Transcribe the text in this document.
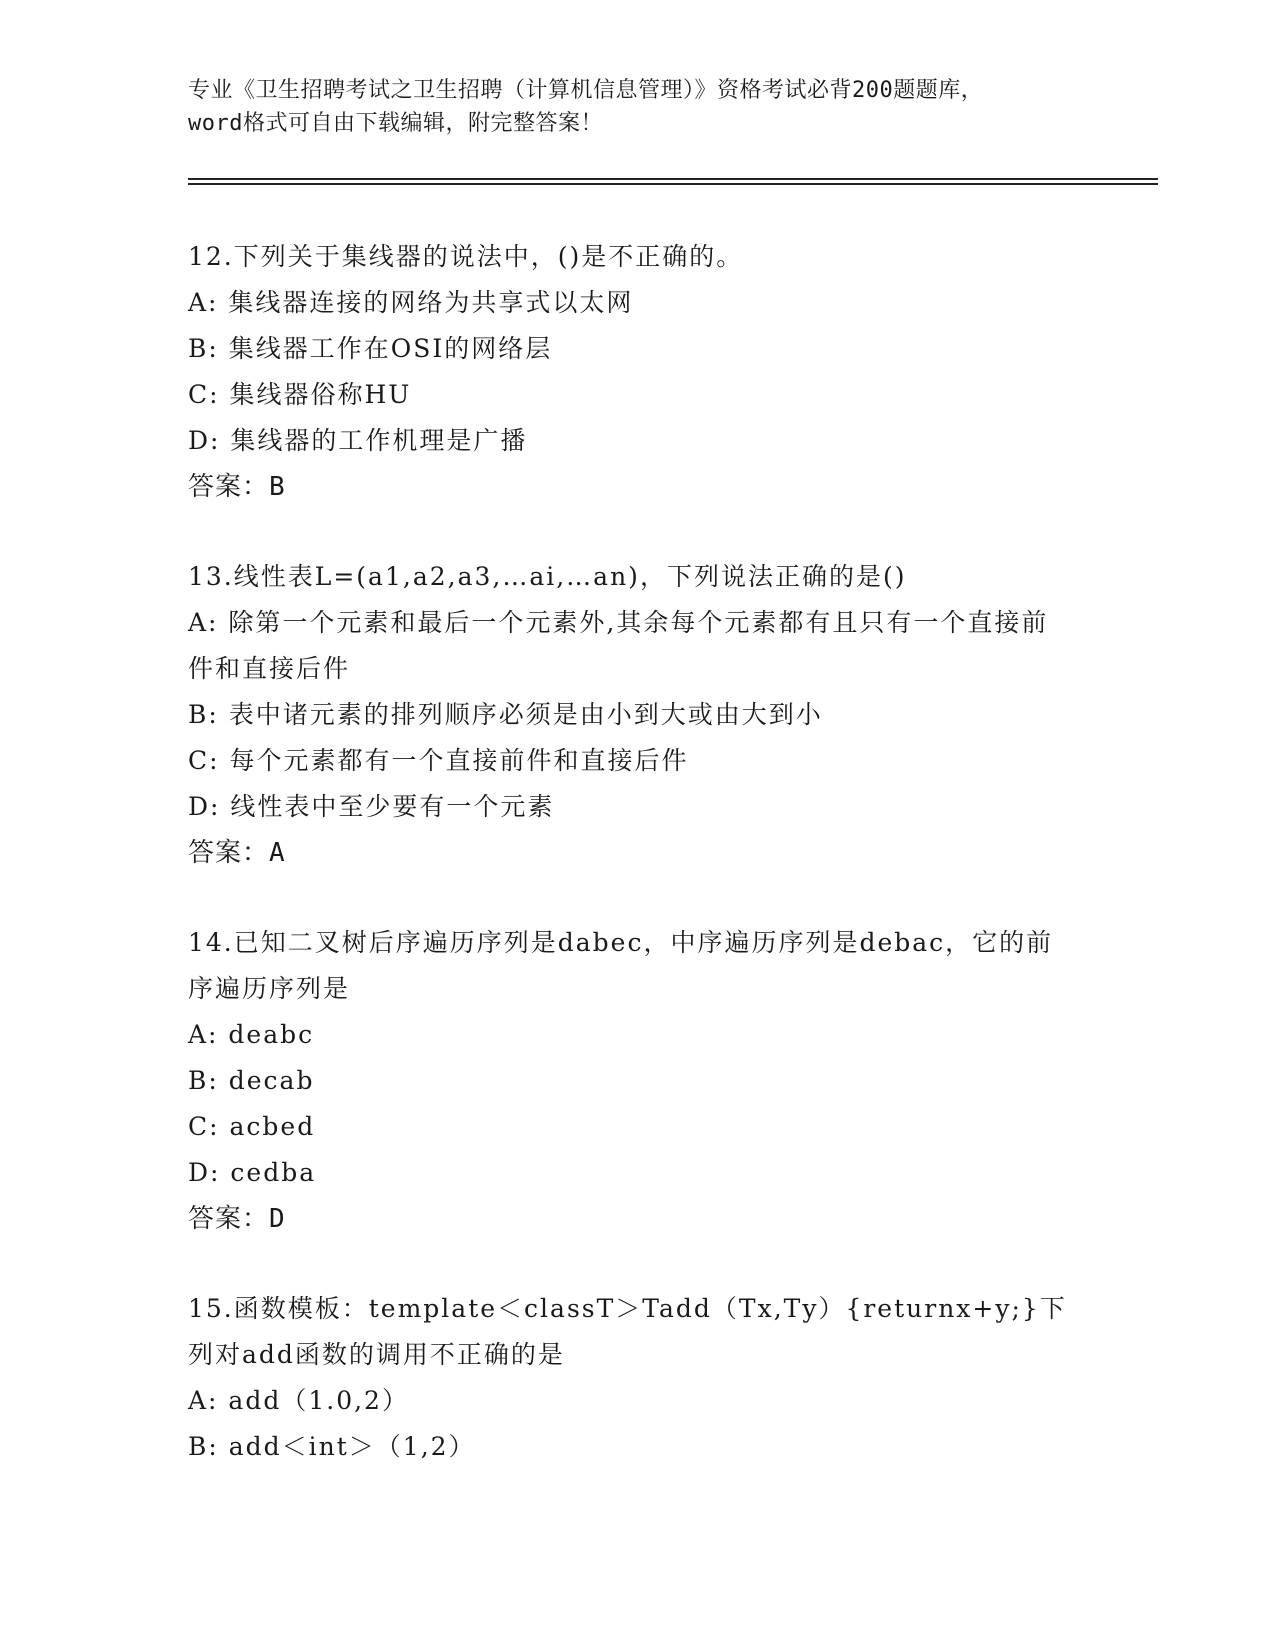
专业《卫生招聘考试之卫生招聘（计算机信息管理）》资格考试必背200题题库，
word格式可自由下载编辑，附完整答案！

12.下列关于集线器的说法中，()是不正确的。

A: 集线器连接的网络为共享式以太网

B: 集线器工作在OSI的网络层

C: 集线器俗称HU

D: 集线器的工作机理是广播

答案：B

13.线性表L=(a1,a2,a3,…ai,…an)，下列说法正确的是()

A: 除第一个元素和最后一个元素外,其余每个元素都有且只有一个直接前件和直接后件

B: 表中诸元素的排列顺序必须是由小到大或由大到小

C: 每个元素都有一个直接前件和直接后件

D: 线性表中至少要有一个元素

答案：A

14.已知二叉树后序遍历序列是dabec，中序遍历序列是debac，它的前序遍历序列是

A: deabc

B: decab

C: acbed

D: cedba

答案：D

15.函数模板：template＜classT＞Tadd（Tx,Ty）{returnx+y;}下列对add函数的调用不正确的是

A: add（1.0,2）

B: add＜int＞（1,2）
